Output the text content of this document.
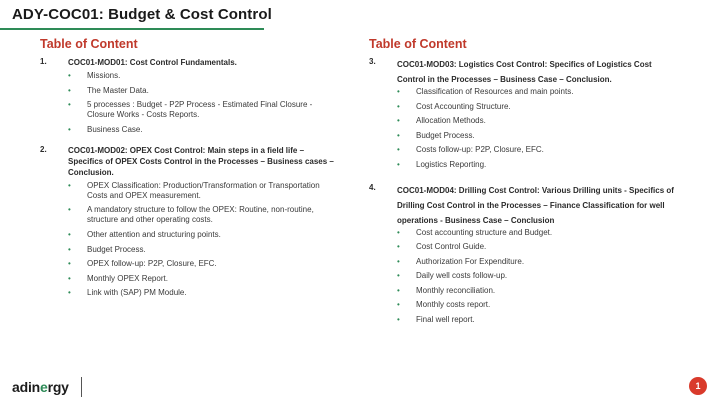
ADY-COC01: Budget & Cost Control
Table of Content
1.	COC01-MOD01: Cost Control Fundamentals.
• Missions.
• The Master Data.
• 5 processes : Budget - P2P Process - Estimated Final Closure - Closure Works - Costs Reports.
• Business Case.
2.	COC01-MOD02: OPEX Cost Control: Main steps in a field life – Specifics of OPEX Costs Control in the Processes – Business cases – Conclusion.
• OPEX Classification: Production/Transformation or Transportation Costs and OPEX measurement.
• A mandatory structure to follow the OPEX: Routine, non-routine, structure and other operating costs.
• Other attention and structuring points.
• Budget Process.
• OPEX follow-up: P2P, Closure, EFC.
• Monthly OPEX Report.
• Link with (SAP) PM Module.
Table of Content
3.	COC01-MOD03: Logistics Cost Control: Specifics of Logistics Cost Control in the Processes – Business Case – Conclusion.
• Classification of Resources and main points.
• Cost Accounting Structure.
• Allocation Methods.
• Budget Process.
• Costs follow-up: P2P, Closure, EFC.
• Logistics Reporting.
4.	COC01-MOD04: Drilling Cost Control: Various Drilling units - Specifics of Drilling Cost Control in the Processes – Finance Classification for well operations - Business Case – Conclusion
• Cost accounting structure and Budget.
• Cost Control Guide.
• Authorization For Expenditure.
• Daily well costs follow-up.
• Monthly reconciliation.
• Monthly costs report.
• Final well report.
adinergy	1
